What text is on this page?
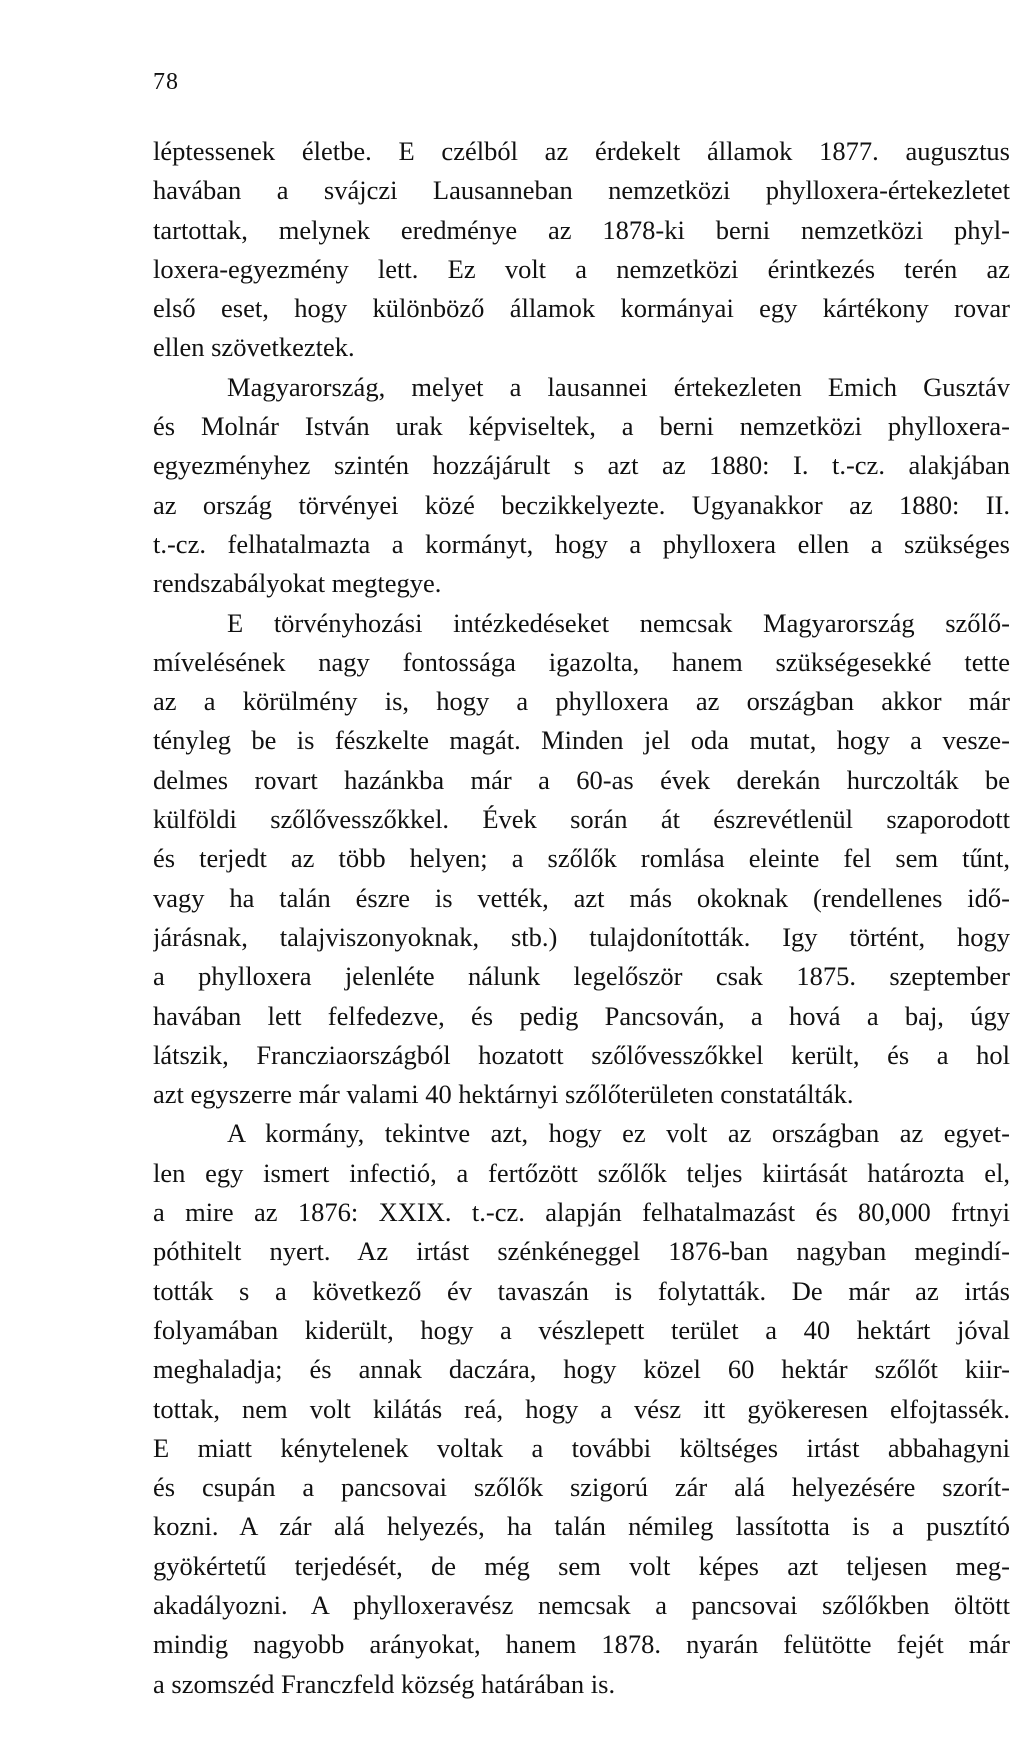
78
léptessenek életbe. E czélból az érdekelt államok 1877. augusztus
havában a svájczi Lausanneban nemzetközi phylloxera-értekezletet
tartottak, melynek eredménye az 1878-ki berni nemzetközi phyl-
loxera-egyezmény lett. Ez volt a nemzetközi érintkezés terén az
első eset, hogy különböző államok kormányai egy kártékony rovar
ellen szövetkeztek.
Magyarország, melyet a lausannei értekezleten Emich Gusztáv
és Molnár István urak képviseltek, a berni nemzetközi phylloxera-
egyezményhez szintén hozzájárult s azt az 1880: I. t.-cz. alakjában
az ország törvényei közé beczikkelyezte. Ugyanakkor az 1880: II.
t.-cz. felhatalmazta a kormányt, hogy a phylloxera ellen a szükséges
rendszabályokat megtegye.
E törvényhozási intézkedéseket nemcsak Magyarország szőlő-
mívelésének nagy fontossága igazolta, hanem szükségesekké tette
az a körülmény is, hogy a phylloxera az országban akkor már
tényleg be is fészkelte magát. Minden jel oda mutat, hogy a vesze-
delmes rovart hazánkba már a 60-as évek derekán hurczolták be
külföldi szőlővesszőkkel. Évek során át észrevétlenül szaporodott
és terjedt az több helyen; a szőlők romlása eleinte fel sem tűnt,
vagy ha talán észre is vették, azt más okoknak (rendellenes idő-
járásnak, talajviszonyoknak, stb.) tulajdonították. Igy történt, hogy
a phylloxera jelenléte nálunk legelőször csak 1875. szeptember
havában lett felfedezve, és pedig Pancsován, a hová a baj, úgy
látszik, Francziaországból hozatott szőlővesszőkkel került, és a hol
azt egyszerre már valami 40 hektárnyi szőlőterületen constatálták.
A kormány, tekintve azt, hogy ez volt az országban az egyet-
len egy ismert infectió, a fertőzött szőlők teljes kiirtását határozta el,
a mire az 1876: XXIX. t.-cz. alapján felhatalmazást és 80,000 frtnyi
póthitelt nyert. Az irtást szénkéneggel 1876-ban nagyban megindí-
tották s a következő év tavaszán is folytatták. De már az irtás
folyamában kiderült, hogy a vészlepett terület a 40 hektárt jóval
meghaladja; és annak daczára, hogy közel 60 hektár szőlőt kiir-
tottak, nem volt kilátás reá, hogy a vész itt gyökeresen elfojtassék.
E miatt kénytelenek voltak a további költséges irtást abbahagyni
és csupán a pancsovai szőlők szigorú zár alá helyezésére szorít-
kozni. A zár alá helyezés, ha talán némileg lassította is a pusztító
gyökértetű terjedését, de még sem volt képes azt teljesen meg-
akadályozni. A phylloxeravész nemcsak a pancsovai szőlőkben öltött
mindig nagyobb arányokat, hanem 1878. nyarán felütötte fejét már
a szomszéd Franczfeld község határában is.
